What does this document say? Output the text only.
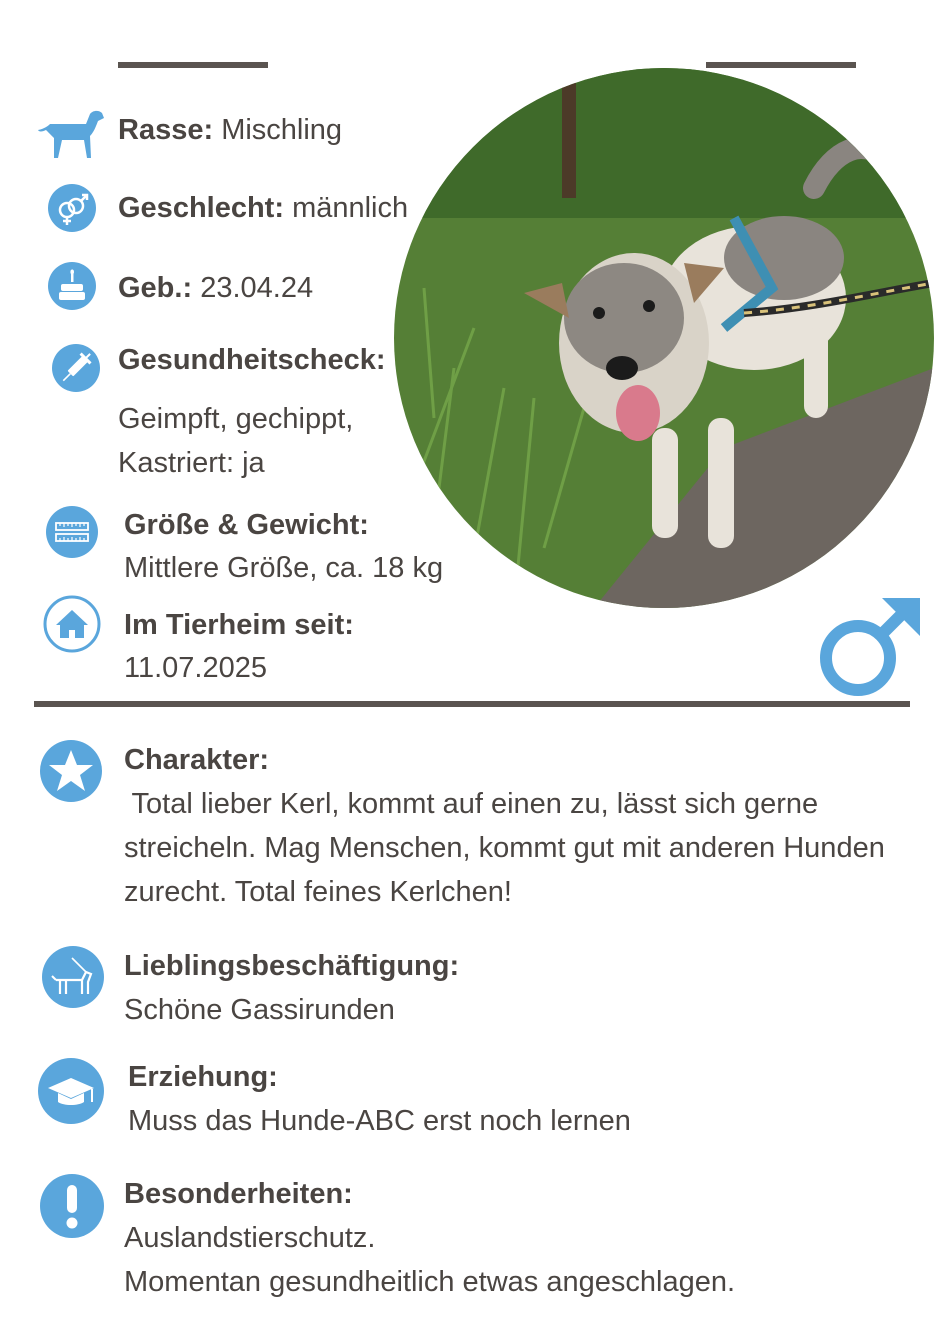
Rasse: Mischling
Geschlecht: männlich
Geb.: 23.04.24
Gesundheitscheck:
Geimpft, gechippt,
Kastriert: ja
Größe & Gewicht:
Mittlere Größe, ca. 18 kg
Im Tierheim seit:
11.07.2025
Charakter:
Total lieber Kerl, kommt auf einen zu, lässt sich gerne
streicheln. Mag Menschen, kommt gut mit anderen Hunden
zurecht. Total feines Kerlchen!
Lieblingsbeschäftigung:
Schöne Gassirunden
Erziehung:
Muss das Hunde-ABC erst noch lernen
Besonderheiten:
Auslandstierschutz.
Momentan gesundheitlich etwas angeschlagen.
